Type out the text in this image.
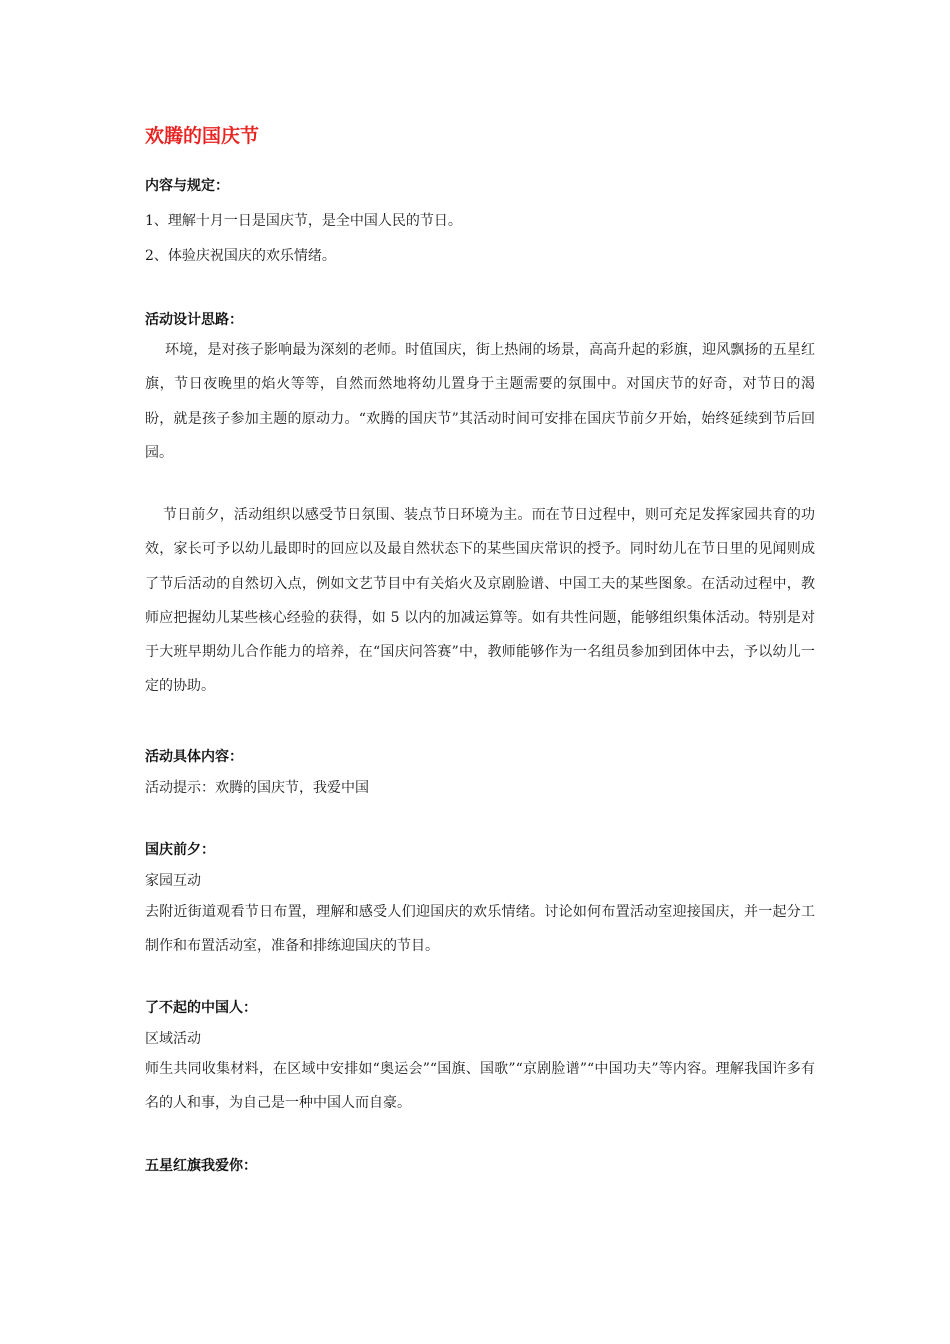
欢腾的国庆节
内容与规定：
1、理解十月一日是国庆节，是全中国人民的节日。
2、体验庆祝国庆的欢乐情绪。
活动设计思路：
环境，是对孩子影响最为深刻的老师。时值国庆，街上热闹的场景，高高升起的彩旗，迎风飘扬的五星红旗，节日夜晚里的焰火等等，自然而然地将幼儿置身于主题需要的氛围中。对国庆节的好奇，对节日的渴盼，就是孩子参加主题的原动力。“欢腾的国庆节”其活动时间可安排在国庆节前夕开始，始终延续到节后回园。
节日前夕，活动组织以感受节日氛围、装点节日环境为主。而在节日过程中，则可充足发挥家园共育的功效，家长可予以幼儿最即时的回应以及最自然状态下的某些国庆常识的授予。同时幼儿在节日里的见闻则成了节后活动的自然切入点，例如文艺节目中有关焰火及京剧脸谱、中国工夫的某些图象。在活动过程中，教师应把握幼儿某些核心经验的获得，如 5 以内的加减运算等。如有共性问题，能够组织集体活动。特别是对于大班早期幼儿合作能力的培养，在“国庆问答赛”中，教师能够作为一名组员参加到团体中去，予以幼儿一定的协助。
活动具体内容：
活动提示：欢腾的国庆节，我爱中国
国庆前夕：
家园互动
去附近街道观看节日布置，理解和感受人们迎国庆的欢乐情绪。讨论如何布置活动室迎接国庆，并一起分工制作和布置活动室，准备和排练迎国庆的节目。
了不起的中国人：
区域活动
师生共同收集材料，在区域中安排如“奥运会”“国旗、国歌”“京剧脸谱”“中国功夫”等内容。理解我国许多有名的人和事，为自己是一种中国人而自豪。
五星红旗我爱你：
